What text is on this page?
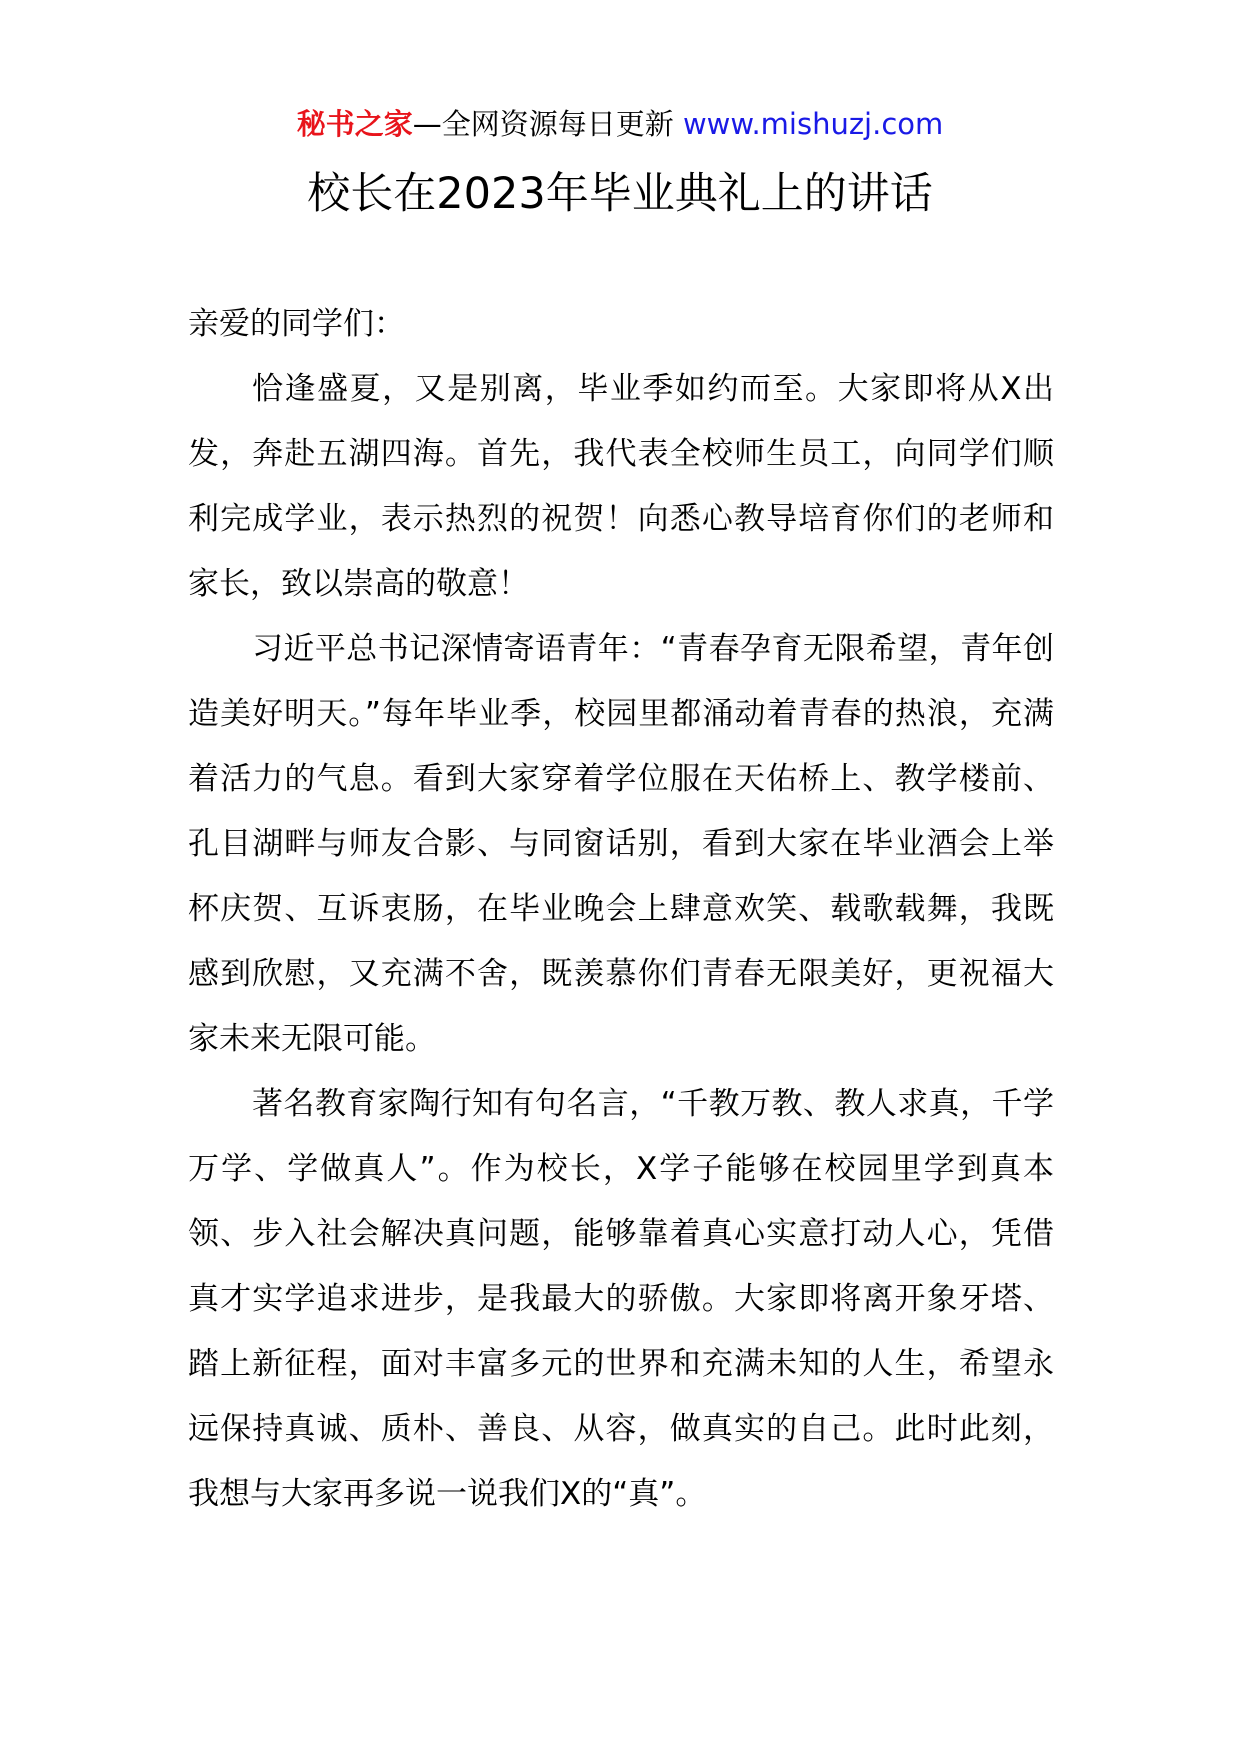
秘书之家—全网资源每日更新 www.mishuzj.com
校长在2023年毕业典礼上的讲话

亲爱的同学们：

恰逢盛夏，又是别离，毕业季如约而至。大家即将从X出发，奔赴五湖四海。首先，我代表全校师生员工，向同学们顺利完成学业，表示热烈的祝贺！向悉心教导培育你们的老师和家长，致以崇高的敬意！

习近平总书记深情寄语青年：“青春孕育无限希望，青年创造美好明天。”每年毕业季，校园里都涌动着青春的热浪，充满着活力的气息。看到大家穿着学位服在天佑桥上、教学楼前、孔目湖畔与师友合影、与同窗话别，看到大家在毕业酒会上举杯庆贺、互诉衷肠，在毕业晚会上肆意欢笑、载歌载舞，我既感到欣慰，又充满不舍，既羡慕你们青春无限美好，更祝福大家未来无限可能。

著名教育家陶行知有句名言，“千教万教、教人求真，千学万学、学做真人”。作为校长，X学子能够在校园里学到真本领、步入社会解决真问题，能够靠着真心实意打动人心，凭借真才实学追求进步，是我最大的骄傲。大家即将离开象牙塔、踏上新征程，面对丰富多元的世界和充满未知的人生，希望永远保持真诚、质朴、善良、从容，做真实的自己。此时此刻，我想与大家再多说一说我们X的“真”。
